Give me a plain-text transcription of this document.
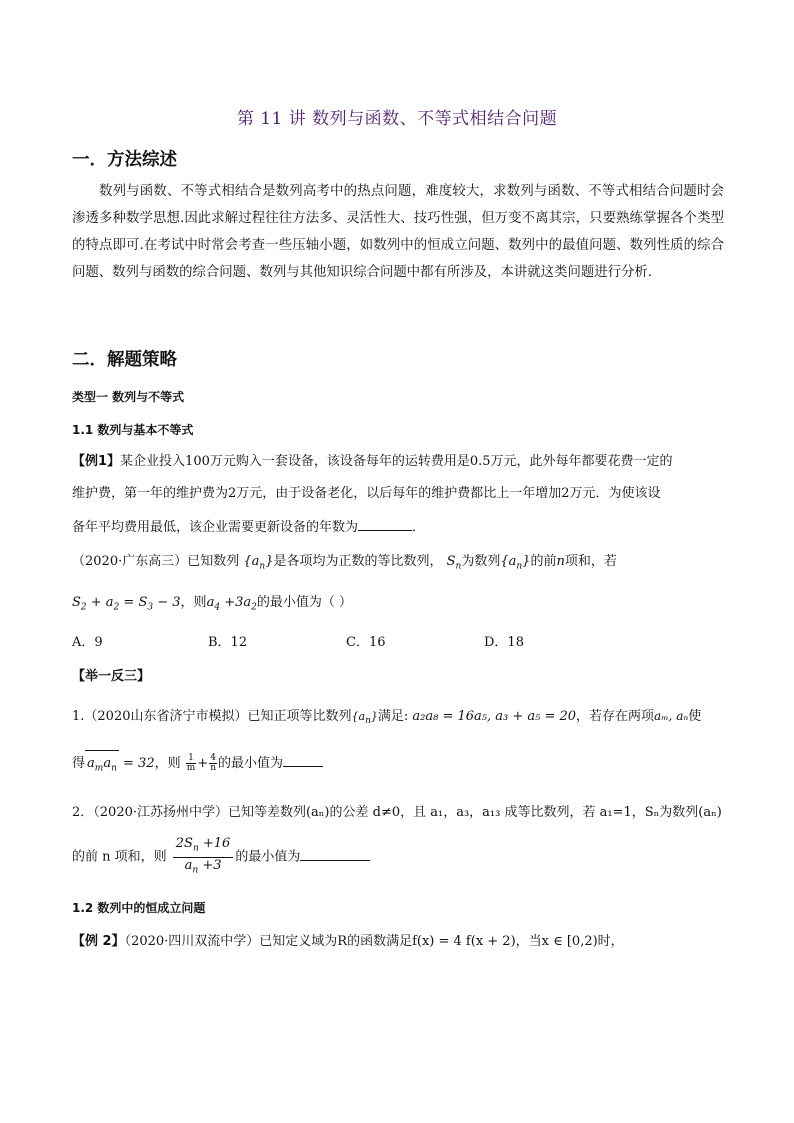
第 11 讲 数列与函数、不等式相结合问题
一．方法综述
数列与函数、不等式相结合是数列高考中的热点问题，难度较大，求数列与函数、不等式相结合问题时会渗透多种数学思想.因此求解过程往往方法多、灵活性大、技巧性强，但万变不离其宗，只要熟练掌握各个类型的特点即可.在考试中时常会考查一些压轴小题，如数列中的恒成立问题、数列中的最值问题、数列性质的综合问题、数列与函数的综合问题、数列与其他知识综合问题中都有所涉及，本讲就这类问题进行分析.
二．解题策略
类型一 数列与不等式
1.1 数列与基本不等式
【例1】某企业投入100万元购入一套设备，该设备每年的运转费用是0.5万元，此外每年都要花费一定的
维护费，第一年的维护费为2万元，由于设备老化，以后每年的维护费都比上一年增加2万元．为使该设
备年平均费用最低，该企业需要更新设备的年数为	．
（2020·广东高三）已知数列 $\{a_n\}$是各项均为正数的等比数列， $S_n$为数列$\{a_n\}$的前n项和，若
$S_2 + a_2 = S_3 - 3$，则$a_4 +3a_2$的最小值为（ ）
A．9	B．12	C．16	D．18
【举一反三】
1.（2020山东省济宁市模拟）已知正项等比数列$\{a_n\}$满足: a₂a₈ = 16a₅, a₃ + a₅ = 20，若存在两项aₘ, aₙ使
得 $a_ma_n = 32$，则 $\frac{1}{m} + \frac{4}{n}$ 的最小值为
2．（2020·江苏扬州中学）已知等差数列(aₙ)的公差 d≠0，且 a₁，a₃，a₁₃ 成等比数列，若 a₁=1，Sₙ为数列(aₙ)
的前 n 项和，则 $\frac{2S_n +16}{a_n +3}$ 的最小值为
1.2 数列中的恒成立问题
【例 2】（2020·四川双流中学）已知定义域为R的函数满足f(x) = 4 f(x + 2)，当x ∈ [0,2)时，
